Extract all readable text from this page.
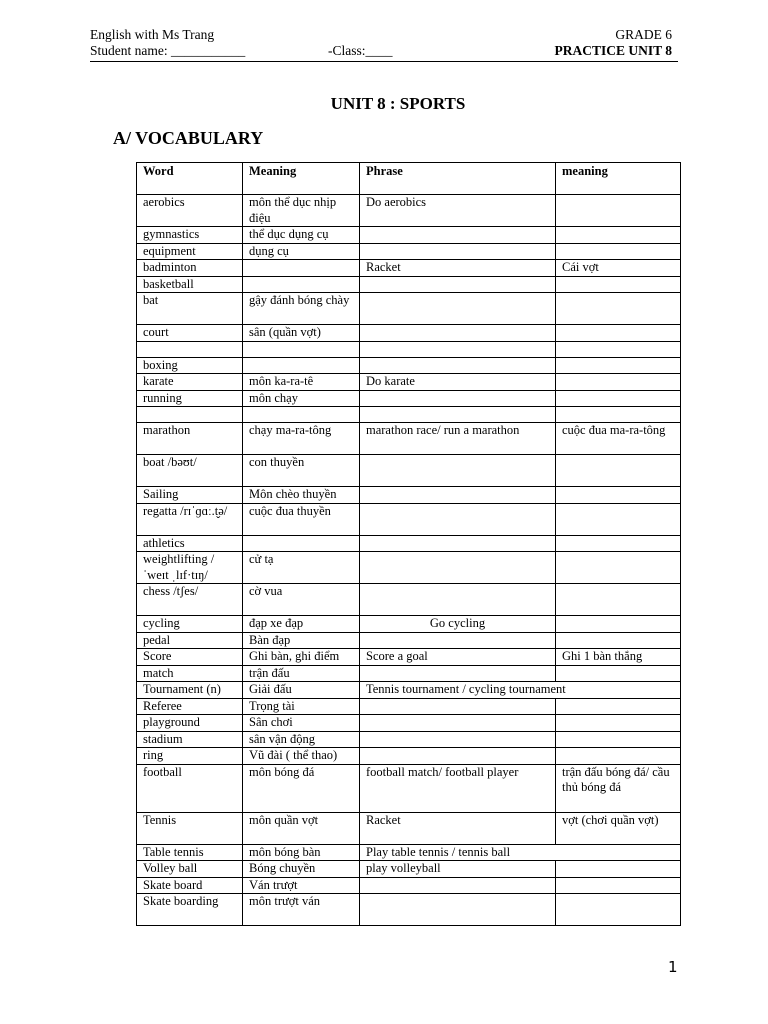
English with Ms Trang	GRADE 6
Student name: ___________	-Class:____	PRACTICE UNIT 8
UNIT 8 : SPORTS
A/ VOCABULARY
Word	Meaning	Phrase	meaning
aerobics	môn thể dục nhịp điệu	Do aerobics	
gymnastics	thể dục dụng cụ		
equipment	dụng cụ		
badminton		Racket	Cái vợt
basketball			
bat	gậy đánh bóng chày		
court	sân (quần vợt)		

boxing			
karate	môn ka-ra-tê	Do karate	
running	môn chạy		

marathon	chạy ma-ra-tông	marathon race/ run a marathon	cuộc đua ma-ra-tông
boat /bəʊt/	con thuyền		
Sailing	Môn chèo thuyền		
regatta /rɪˈɡɑː.t̬ə/	cuộc đua thuyền		
athletics			
weightlifting /ˈweɪt ˌlɪf·tɪŋ/	cử tạ		
chess /tʃes/	cờ vua		
cycling	đạp xe đạp	Go cycling	
pedal	Bàn đạp		
Score	Ghi bàn, ghi điểm	Score a goal	Ghi 1 bàn thắng
match	trận đấu		
Tournament (n)	Giải đấu	Tennis tournament / cycling tournament	
Referee	Trọng tài		
playground	Sân chơi		
stadium	sân vận động		
ring	Vũ đài ( thể thao)		
football	môn bóng đá	football match/ football player	trận đấu bóng đá/ cầu thủ bóng đá
Tennis	môn quần vợt	Racket	vợt (chơi quần vợt)
Table tennis	môn bóng bàn	Play table tennis / tennis ball	
Volley ball	Bóng chuyền	play volleyball	
Skate board	Ván trượt		
Skate boarding	môn trượt ván		
1
